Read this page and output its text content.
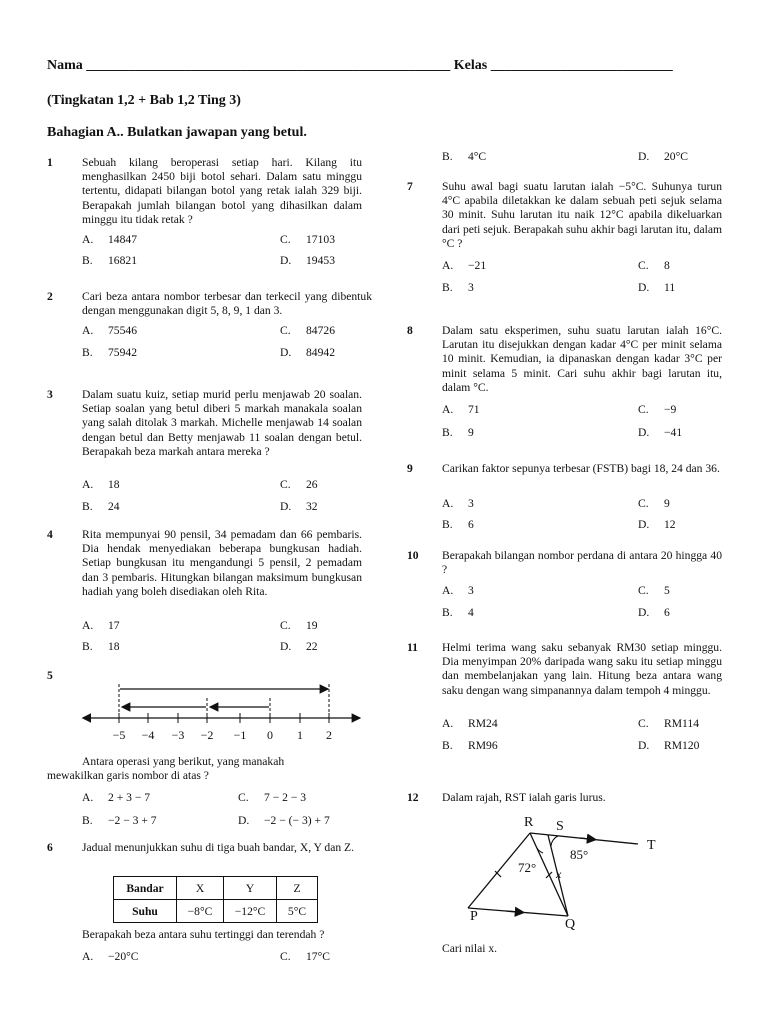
Nama ____________________________________________________ Kelas __________________________
(Tingkatan 1,2 + Bab 1,2 Ting 3)
Bahagian A.. Bulatkan jawapan yang betul.
1	Sebuah kilang beroperasi setiap hari. Kilang itu menghasilkan 2450 biji botol sehari. Dalam satu minggu tertentu, didapati bilangan botol yang retak ialah 329 biji. Berapakah jumlah bilangan botol yang dihasilkan dalam minggu itu tidak retak ?
A. 14847	C. 17103
B. 16821	D. 19453
2	Cari beza antara nombor terbesar dan terkecil yang dibentuk dengan menggunakan digit 5, 8, 9, 1 dan 3.
A. 75546	C. 84726
B. 75942	D. 84942
3	Dalam suatu kuiz, setiap murid perlu menjawab 20 soalan. Setiap soalan yang betul diberi 5 markah manakala soalan yang salah ditolak 3 markah. Michelle menjawab 14 soalan dengan betul dan Betty menjawab 11 soalan dengan betul. Berapakah beza markah antara mereka ?
A. 18	C. 26
B. 24	D. 32
4	Rita mempunyai 90 pensil, 34 pemadam dan 66 pembaris. Dia hendak menyediakan beberapa bungkusan hadiah. Setiap bungkusan itu mengandungi 5 pensil, 2 pemadam dan 3 pembaris. Hitungkan bilangan maksimum bungkusan hadiah yang boleh disediakan oleh Rita.
A. 17	C. 19
B. 18	D. 22
5
−5 −4 −3 −2 −1 0 1 2
Antara operasi yang berikut, yang manakah
mewakilkan garis nombor di atas ?
A. 2 + 3 − 7	C. 7 − 2 − 3
B. −2 − 3 + 7	D. −2 − (− 3) + 7
6	Jadual menunjukkan suhu di tiga buah bandar, X, Y dan Z.
Bandar	X	Y	Z
Suhu	−8°C	−12°C	5°C
Berapakah beza antara suhu tertinggi dan terendah ?
A. −20°C	C. 17°C
B. 4°C	D. 20°C
7	Suhu awal bagi suatu larutan ialah −5°C. Suhunya turun 4°C apabila diletakkan ke dalam sebuah peti sejuk selama 30 minit. Suhu larutan itu naik 12°C apabila dikeluarkan dari peti sejuk. Berapakah suhu akhir bagi larutan itu, dalam °C ?
A. −21	C. 8
B. 3	D. 11
8	Dalam satu eksperimen, suhu suatu larutan ialah 16°C. Larutan itu disejukkan dengan kadar 4°C per minit selama 10 minit. Kemudian, ia dipanaskan dengan kadar 3°C per minit selama 5 minit. Cari suhu akhir bagi larutan itu, dalam °C.
A. 71	C. −9
B. 9	D. −41
9	Carikan faktor sepunya terbesar (FSTB) bagi 18, 24 dan 36.
A. 3	C. 9
B. 6	D. 12
10 Berapakah bilangan nombor perdana di antara 20 hingga 40 ?
A. 3	C. 5
B. 4	D. 6
11 Helmi terima wang saku sebanyak RM30 setiap minggu. Dia menyimpan 20% daripada wang saku itu setiap minggu dan membelanjakan yang lain. Hitung beza antara wang saku dengan wang simpanannya dalam tempoh 4 minggu.
A. RM24	C. RM114
B. RM96	D. RM120
12 Dalam rajah, RST ialah garis lurus.
R S
T
P
Q
85°
72° x
Cari nilai x.
